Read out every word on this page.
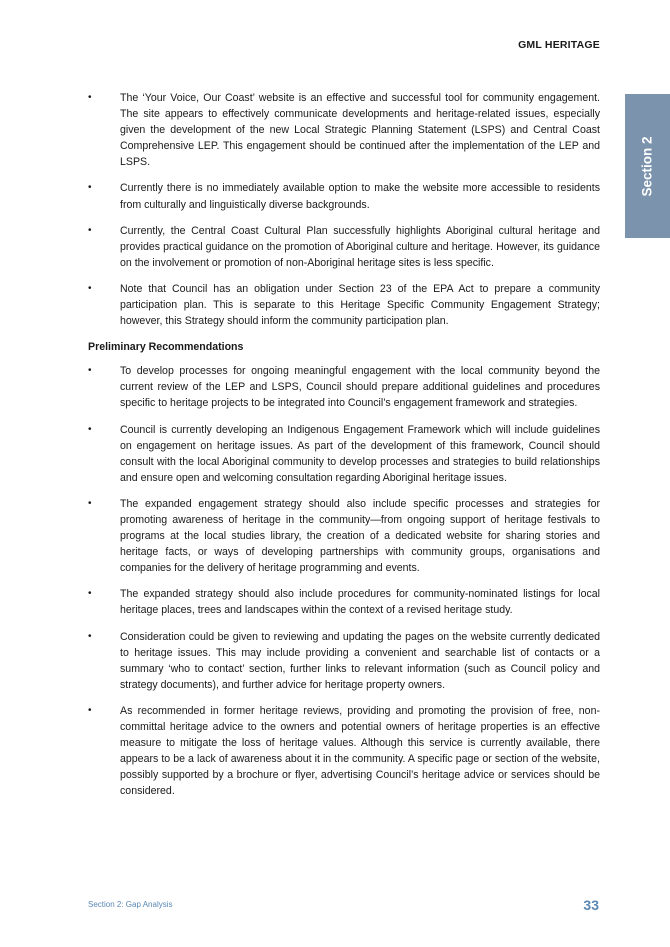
GML HERITAGE
Section 2
• The ‘Your Voice, Our Coast’ website is an effective and successful tool for community engagement. The site appears to effectively communicate developments and heritage-related issues, especially given the development of the new Local Strategic Planning Statement (LSPS) and Central Coast Comprehensive LEP. This engagement should be continued after the implementation of the LEP and LSPS.
• Currently there is no immediately available option to make the website more accessible to residents from culturally and linguistically diverse backgrounds.
• Currently, the Central Coast Cultural Plan successfully highlights Aboriginal cultural heritage and provides practical guidance on the promotion of Aboriginal culture and heritage. However, its guidance on the involvement or promotion of non-Aboriginal heritage sites is less specific.
• Note that Council has an obligation under Section 23 of the EPA Act to prepare a community participation plan. This is separate to this Heritage Specific Community Engagement Strategy; however, this Strategy should inform the community participation plan.
Preliminary Recommendations
• To develop processes for ongoing meaningful engagement with the local community beyond the current review of the LEP and LSPS, Council should prepare additional guidelines and procedures specific to heritage projects to be integrated into Council’s engagement framework and strategies.
• Council is currently developing an Indigenous Engagement Framework which will include guidelines on engagement on heritage issues. As part of the development of this framework, Council should consult with the local Aboriginal community to develop processes and strategies to build relationships and ensure open and welcoming consultation regarding Aboriginal heritage issues.
• The expanded engagement strategy should also include specific processes and strategies for promoting awareness of heritage in the community—from ongoing support of heritage festivals to programs at the local studies library, the creation of a dedicated website for sharing stories and heritage facts, or ways of developing partnerships with community groups, organisations and companies for the delivery of heritage programming and events.
• The expanded strategy should also include procedures for community-nominated listings for local heritage places, trees and landscapes within the context of a revised heritage study.
• Consideration could be given to reviewing and updating the pages on the website currently dedicated to heritage issues. This may include providing a convenient and searchable list of contacts or a summary ‘who to contact’ section, further links to relevant information (such as Council policy and strategy documents), and further advice for heritage property owners.
• As recommended in former heritage reviews, providing and promoting the provision of free, non-committal heritage advice to the owners and potential owners of heritage properties is an effective measure to mitigate the loss of heritage values. Although this service is currently available, there appears to be a lack of awareness about it in the community. A specific page or section of the website, possibly supported by a brochure or flyer, advertising Council’s heritage advice or services should be considered.
Section 2: Gap Analysis	33
